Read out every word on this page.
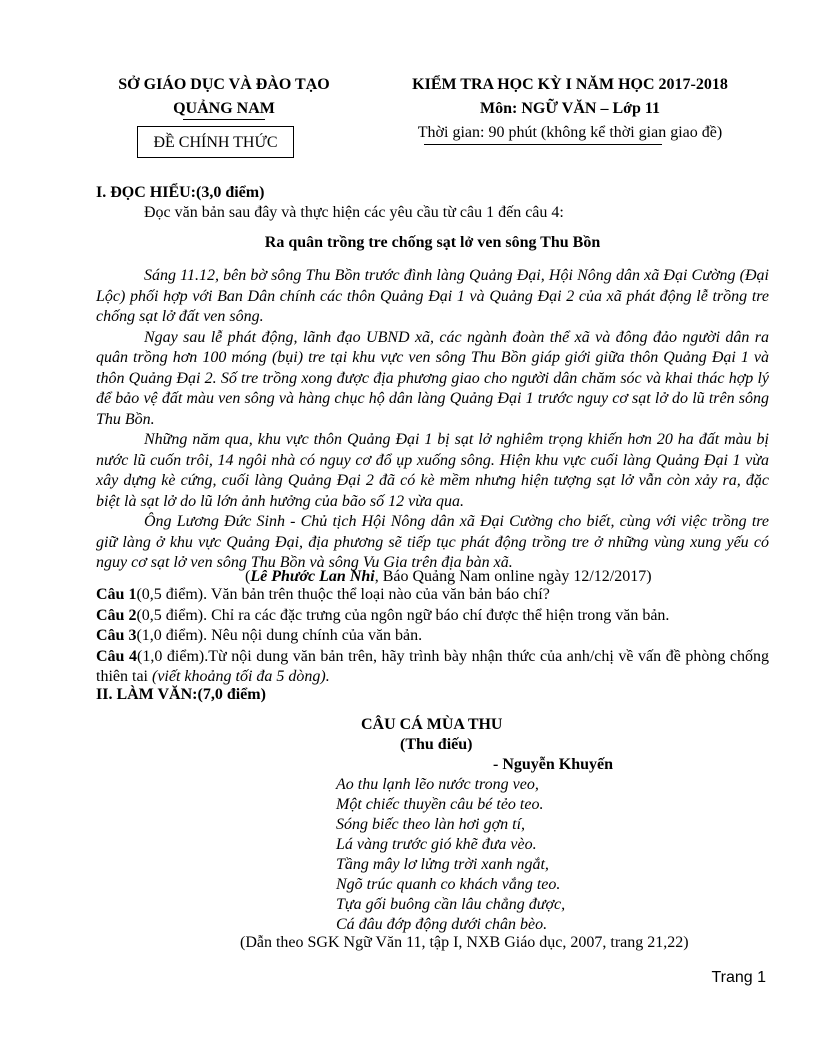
SỞ GIÁO DỤC VÀ ĐÀO TẠO
QUẢNG NAM
ĐỀ CHÍNH THỨC
KIỂM TRA HỌC KỲ I NĂM HỌC 2017-2018
Môn: NGỮ VĂN – Lớp 11
Thời gian: 90 phút (không kể thời gian giao đề)
I. ĐỌC HIỂU:(3,0 điểm)
Đọc văn bản sau đây và thực hiện các yêu cầu từ câu 1 đến câu 4:
Ra quân trồng tre chống sạt lở ven sông Thu Bồn

Sáng 11.12, bên bờ sông Thu Bồn trước đình làng Quảng Đại, Hội Nông dân xã Đại Cường (Đại Lộc) phối hợp với Ban Dân chính các thôn Quảng Đại 1 và Quảng Đại 2 của xã phát động lễ trồng tre chống sạt lở đất ven sông.

Ngay sau lễ phát động, lãnh đạo UBND xã, các ngành đoàn thể xã và đông đảo người dân ra quân trồng hơn 100 móng (bụi) tre tại khu vực ven sông Thu Bồn giáp giới giữa thôn Quảng Đại 1 và thôn Quảng Đại 2. Số tre trồng xong được địa phương giao cho người dân chăm sóc và khai thác hợp lý để bảo vệ đất màu ven sông và hàng chục hộ dân làng Quảng Đại 1 trước nguy cơ sạt lở do lũ trên sông Thu Bồn.

Những năm qua, khu vực thôn Quảng Đại 1 bị sạt lở nghiêm trọng khiến hơn 20 ha đất màu bị nước lũ cuốn trôi, 14 ngôi nhà có nguy cơ đổ ụp xuống sông. Hiện khu vực cuối làng Quảng Đại 1 vừa xây dựng kè cứng, cuối làng Quảng Đại 2 đã có kè mềm nhưng hiện tượng sạt lở vẫn còn xảy ra, đặc biệt là sạt lở do lũ lớn ảnh hưởng của bão số 12 vừa qua.

Ông Lương Đức Sinh - Chủ tịch Hội Nông dân xã Đại Cường cho biết, cùng với việc trồng tre giữ làng ở khu vực Quảng Đại, địa phương sẽ tiếp tục phát động trồng tre ở những vùng xung yếu có nguy cơ sạt lở ven sông Thu Bồn và sông Vu Gia trên địa bàn xã.

(Lê Phước Lan Nhi, Báo Quảng Nam online ngày 12/12/2017)
Câu 1(0,5 điểm). Văn bản trên thuộc thể loại nào của văn bản báo chí?
Câu 2(0,5 điểm). Chỉ ra các đặc trưng của ngôn ngữ báo chí được thể hiện trong văn bản.
Câu 3(1,0 điểm). Nêu nội dung chính của văn bản.
Câu 4(1,0 điểm).Từ nội dung văn bản trên, hãy trình bày nhận thức của anh/chị về vấn đề phòng chống thiên tai (viết khoảng tối đa 5 dòng).
II. LÀM VĂN:(7,0 điểm)
CÂU CÁ MÙA THU
(Thu điếu)
- Nguyễn Khuyến
Ao thu lạnh lẽo nước trong veo,
Một chiếc thuyền câu bé tẻo teo.
Sóng biếc theo làn hơi gợn tí,
Lá vàng trước gió khẽ đưa vèo.
Tầng mây lơ lửng trời xanh ngắt,
Ngõ trúc quanh co khách vắng teo.
Tựa gối buông cần lâu chẳng được,
Cá đâu đớp động dưới chân bèo.
(Dẫn theo SGK Ngữ Văn 11, tập I, NXB Giáo dục, 2007, trang 21,22)
Trang 1
